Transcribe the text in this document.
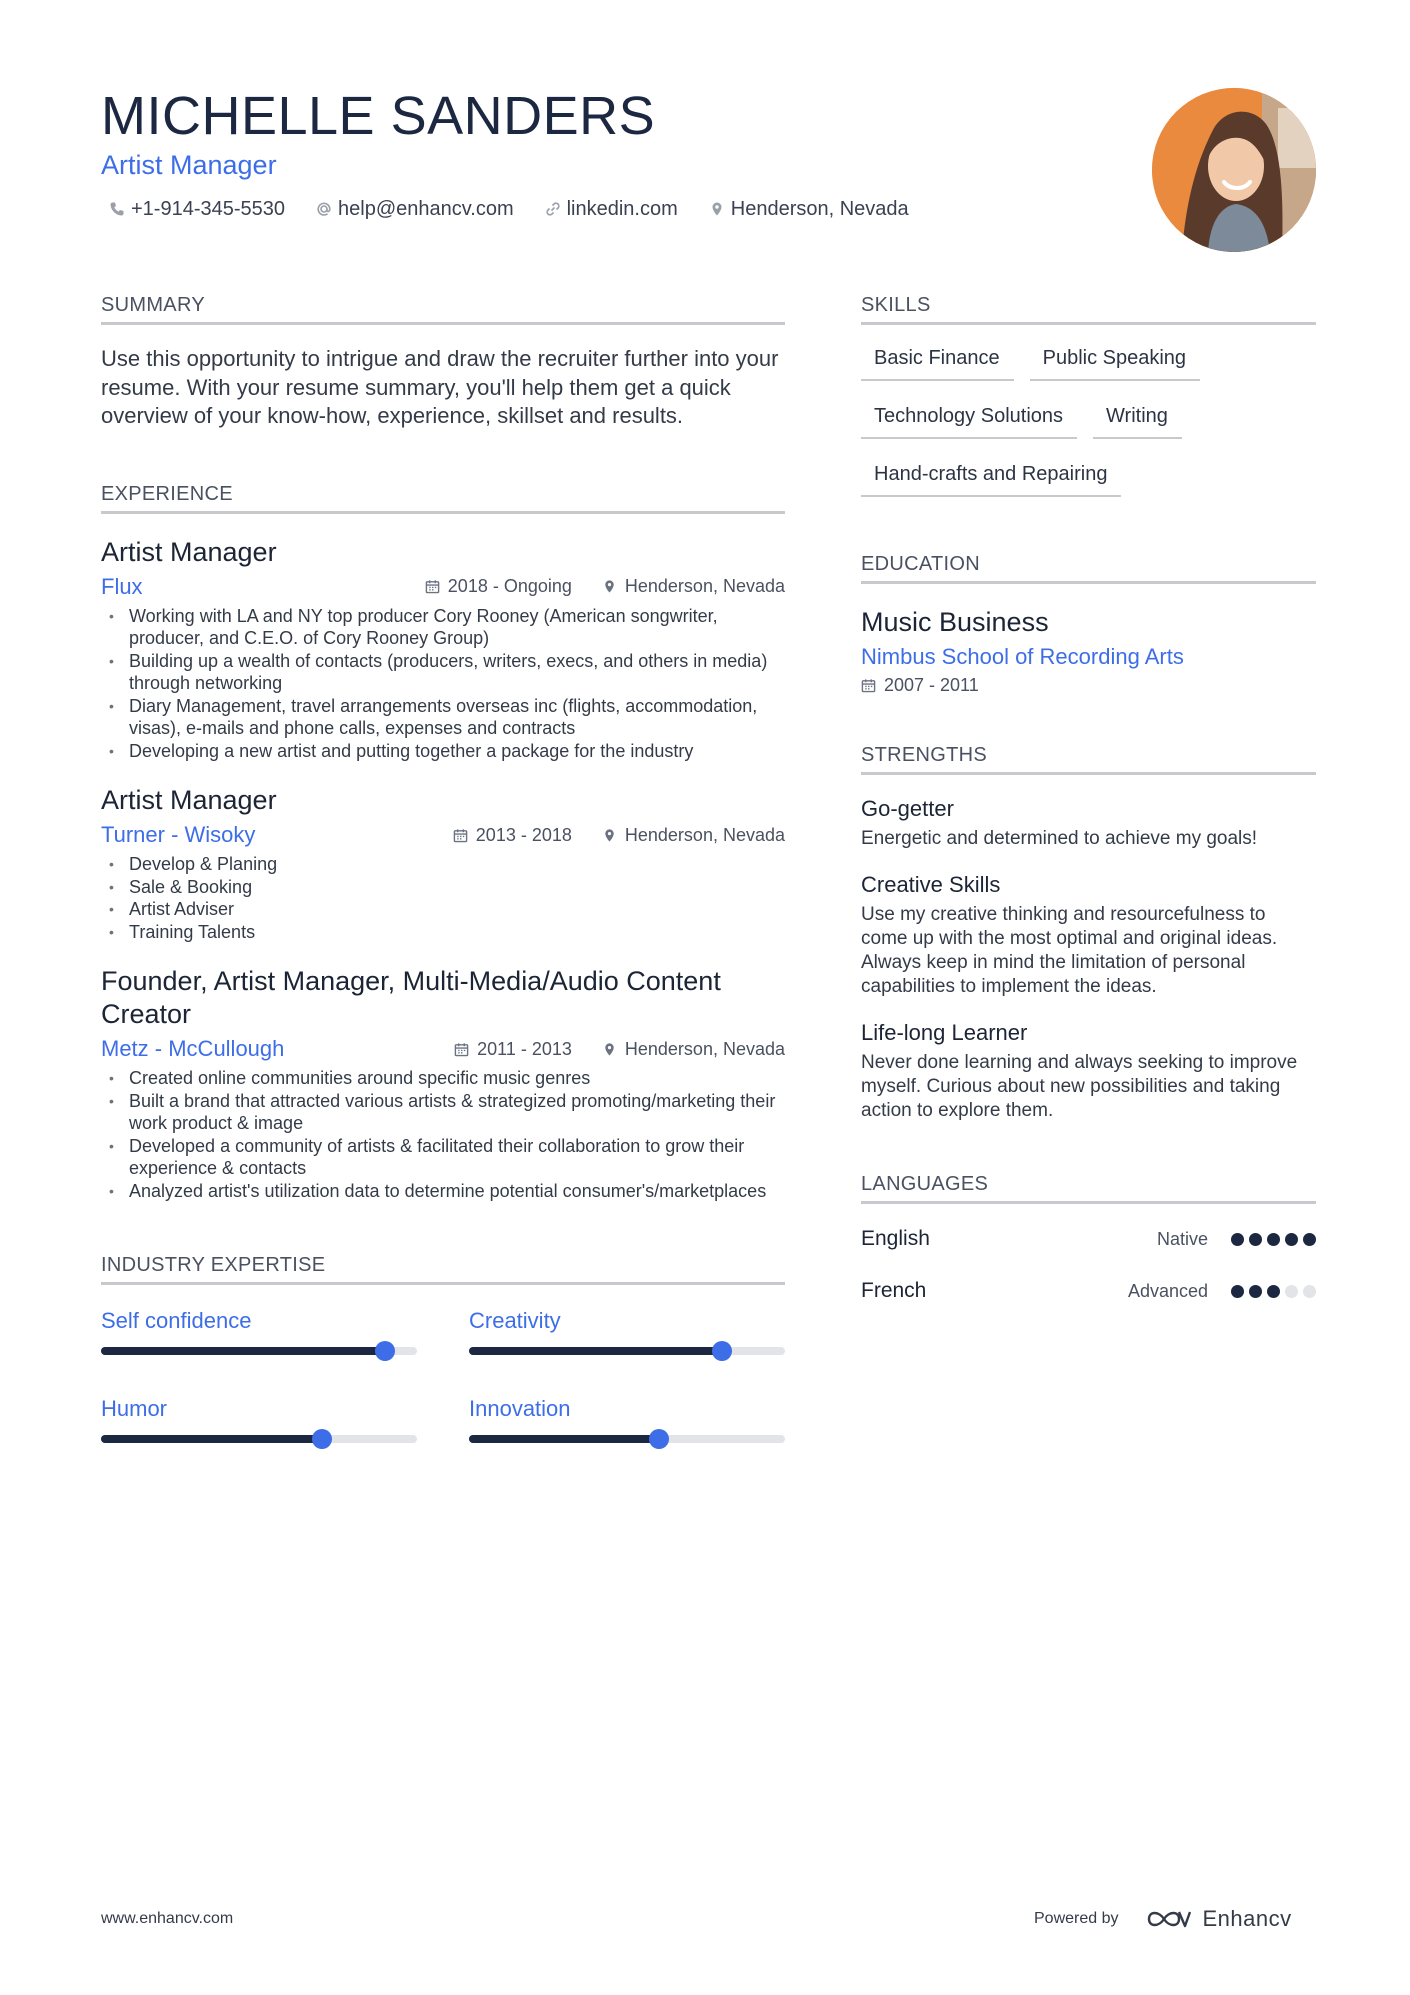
MICHELLE SANDERS
Artist Manager
+1-914-345-5530	help@enhancv.com	linkedin.com	Henderson, Nevada
SUMMARY

Use this opportunity to intrigue and draw the recruiter further into your resume. With your resume summary, you'll help them get a quick overview of your know-how, experience, skillset and results.

EXPERIENCE
Artist Manager
Flux	2018 - Ongoing	Henderson, Nevada
• Working with LA and NY top producer Cory Rooney (American songwriter, producer, and C.E.O. of Cory Rooney Group)
• Building up a wealth of contacts (producers, writers, execs, and others in media) through networking
• Diary Management, travel arrangements overseas inc (flights, accommodation, visas), e-mails and phone calls, expenses and contracts
• Developing a new artist and putting together a package for the industry
Artist Manager
Turner - Wisoky	2013 - 2018	Henderson, Nevada
• Develop & Planing
• Sale & Booking
• Artist Adviser
• Training Talents
Founder, Artist Manager, Multi-Media/Audio Content Creator
Metz - McCullough	2011 - 2013	Henderson, Nevada
• Created online communities around specific music genres
• Built a brand that attracted various artists & strategized promoting/marketing their work product & image
• Developed a community of artists & facilitated their collaboration to grow their experience & contacts
• Analyzed artist's utilization data to determine potential consumer's/marketplaces
INDUSTRY EXPERTISE
Self confidence	Creativity
Humor	Innovation
SKILLS
Basic Finance	Public Speaking
Technology Solutions	Writing
Hand-crafts and Repairing
EDUCATION
Music Business
Nimbus School of Recording Arts
2007 - 2011
STRENGTHS
Go-getter
Energetic and determined to achieve my goals!
Creative Skills
Use my creative thinking and resourcefulness to come up with the most optimal and original ideas. Always keep in mind the limitation of personal capabilities to implement the ideas.
Life-long Learner
Never done learning and always seeking to improve myself. Curious about new possibilities and taking action to explore them.
LANGUAGES
English	Native
French	Advanced
www.enhancv.com	Powered by	Enhancv
